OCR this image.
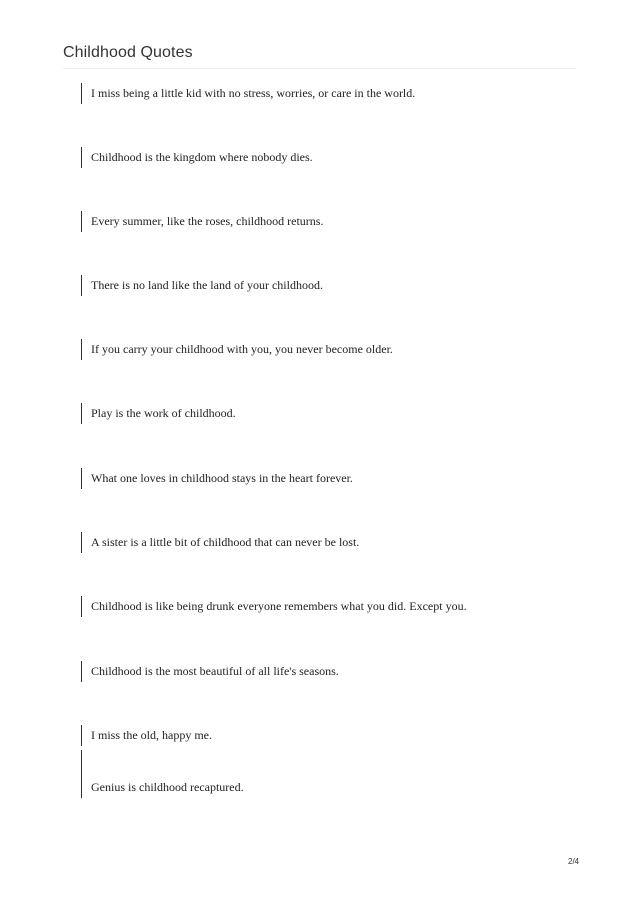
Childhood Quotes
I miss being a little kid with no stress, worries, or care in the world.
Childhood is the kingdom where nobody dies.
Every summer, like the roses, childhood returns.
There is no land like the land of your childhood.
If you carry your childhood with you, you never become older.
Play is the work of childhood.
What one loves in childhood stays in the heart forever.
A sister is a little bit of childhood that can never be lost.
Childhood is like being drunk everyone remembers what you did. Except you.
Childhood is the most beautiful of all life's seasons.
I miss the old, happy me.
Genius is childhood recaptured.
2/4
